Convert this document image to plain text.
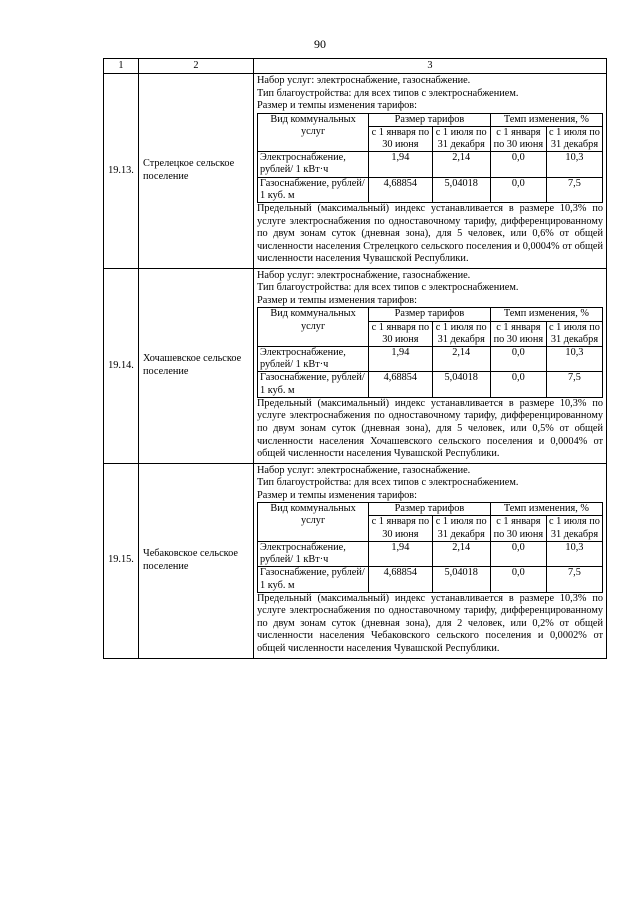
90
1	2	3
19.13.	Стрелецкое сельское поселение	
Набор услуг: электроснабжение, газоснабжение.
Тип благоустройства: для всех типов с электроснабжением.
Размер и темпы изменения тарифов:
Вид коммунальных услуг	Размер тарифов	Темп изменения, %
с 1 января по 30 июня	с 1 июля по 31 декабря	с 1 января по 30 июня	с 1 июля по 31 декабря
Электроснабжение, рублей/ 1 кВт·ч	1,94	2,14	0,0	10,3
Газоснабжение, рублей/ 1 куб. м	4,68854	5,04018	0,0	7,5
Предельный (максимальный) индекс устанавливается в размере 10,3% по услуге электроснабжения по одноставочному тарифу, дифференцированному по двум зонам суток (дневная зона), для 5 человек, или 0,6% от общей численности населения Стрелецкого сельского поселения и 0,0004% от общей численности населения Чувашской Республики.

19.14.	Хочашевское сельское поселение	
Набор услуг: электроснабжение, газоснабжение.
Тип благоустройства: для всех типов с электроснабжением.
Размер и темпы изменения тарифов:
Вид коммунальных услуг	Размер тарифов	Темп изменения, %
с 1 января по 30 июня	с 1 июля по 31 декабря	с 1 января по 30 июня	с 1 июля по 31 декабря
Электроснабжение, рублей/ 1 кВт·ч	1,94	2,14	0,0	10,3
Газоснабжение, рублей/ 1 куб. м	4,68854	5,04018	0,0	7,5
Предельный (максимальный) индекс устанавливается в размере 10,3% по услуге электроснабжения по одноставочному тарифу, дифференцированному по двум зонам суток (дневная зона), для 5 человек, или 0,5% от общей численности населения Хочашевского сельского поселения и 0,0004% от общей численности населения Чувашской Республики.

19.15.	Чебаковское сельское поселение	
Набор услуг: электроснабжение, газоснабжение.
Тип благоустройства: для всех типов с электроснабжением.
Размер и темпы изменения тарифов:
Вид коммунальных услуг	Размер тарифов	Темп изменения, %
с 1 января по 30 июня	с 1 июля по 31 декабря	с 1 января по 30 июня	с 1 июля по 31 декабря
Электроснабжение, рублей/ 1 кВт·ч	1,94	2,14	0,0	10,3
Газоснабжение, рублей/ 1 куб. м	4,68854	5,04018	0,0	7,5
Предельный (максимальный) индекс устанавливается в размере 10,3% по услуге электроснабжения по одноставочному тарифу, дифференцированному по двум зонам суток (дневная зона), для 2 человек, или 0,2% от общей численности населения Чебаковского сельского поселения и 0,0002% от общей численности населения Чувашской Республики.
